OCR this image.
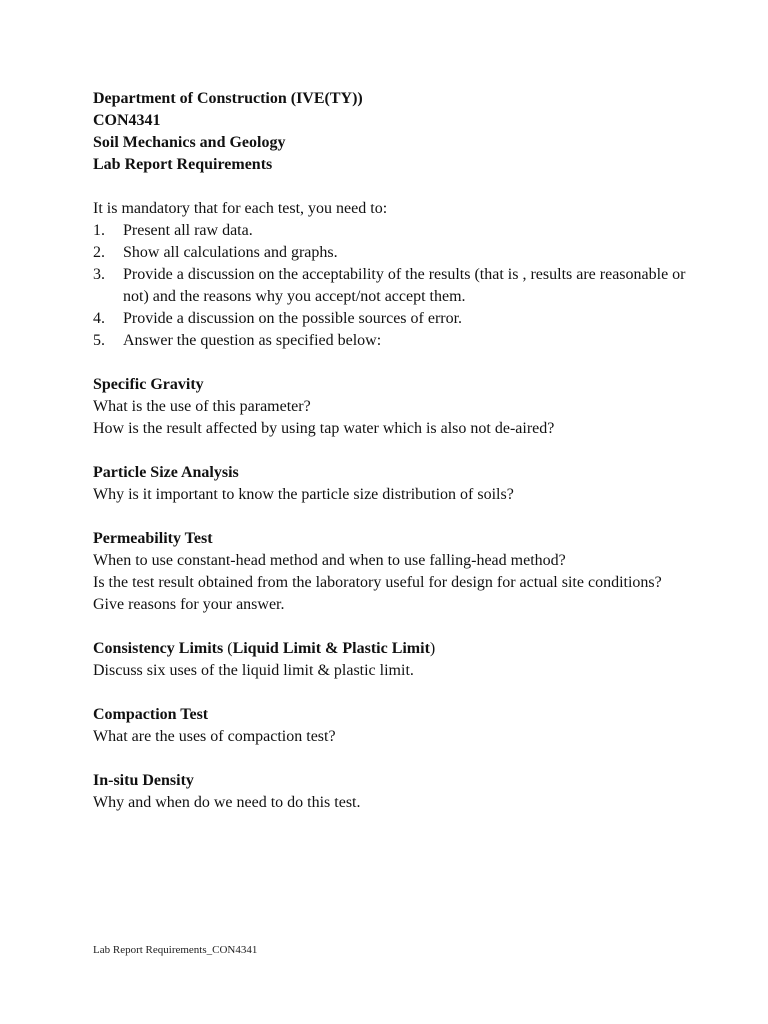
Department of Construction (IVE(TY))
CON4341
Soil Mechanics and Geology
Lab Report Requirements
It is mandatory that for each test, you need to:
1.	Present all raw data.
2.	Show all calculations and graphs.
3.	Provide a discussion on the acceptability of the results (that is , results are reasonable or not) and the reasons why you accept/not accept them.
4.	Provide a discussion on the possible sources of error.
5.	Answer the question as specified below:
Specific Gravity
What is the use of this parameter?
How is the result affected by using tap water which is also not de-aired?
Particle Size Analysis
Why is it important to know the particle size distribution of soils?
Permeability Test
When to use constant-head method and when to use falling-head method?
Is the test result obtained from the laboratory useful for design for actual site conditions?    Give reasons for your answer.
Consistency Limits (Liquid Limit & Plastic Limit)
Discuss six uses of the liquid limit & plastic limit.
Compaction Test
What are the uses of compaction test?
In-situ Density
Why and when do we need to do this test.
Lab Report Requirements_CON4341
